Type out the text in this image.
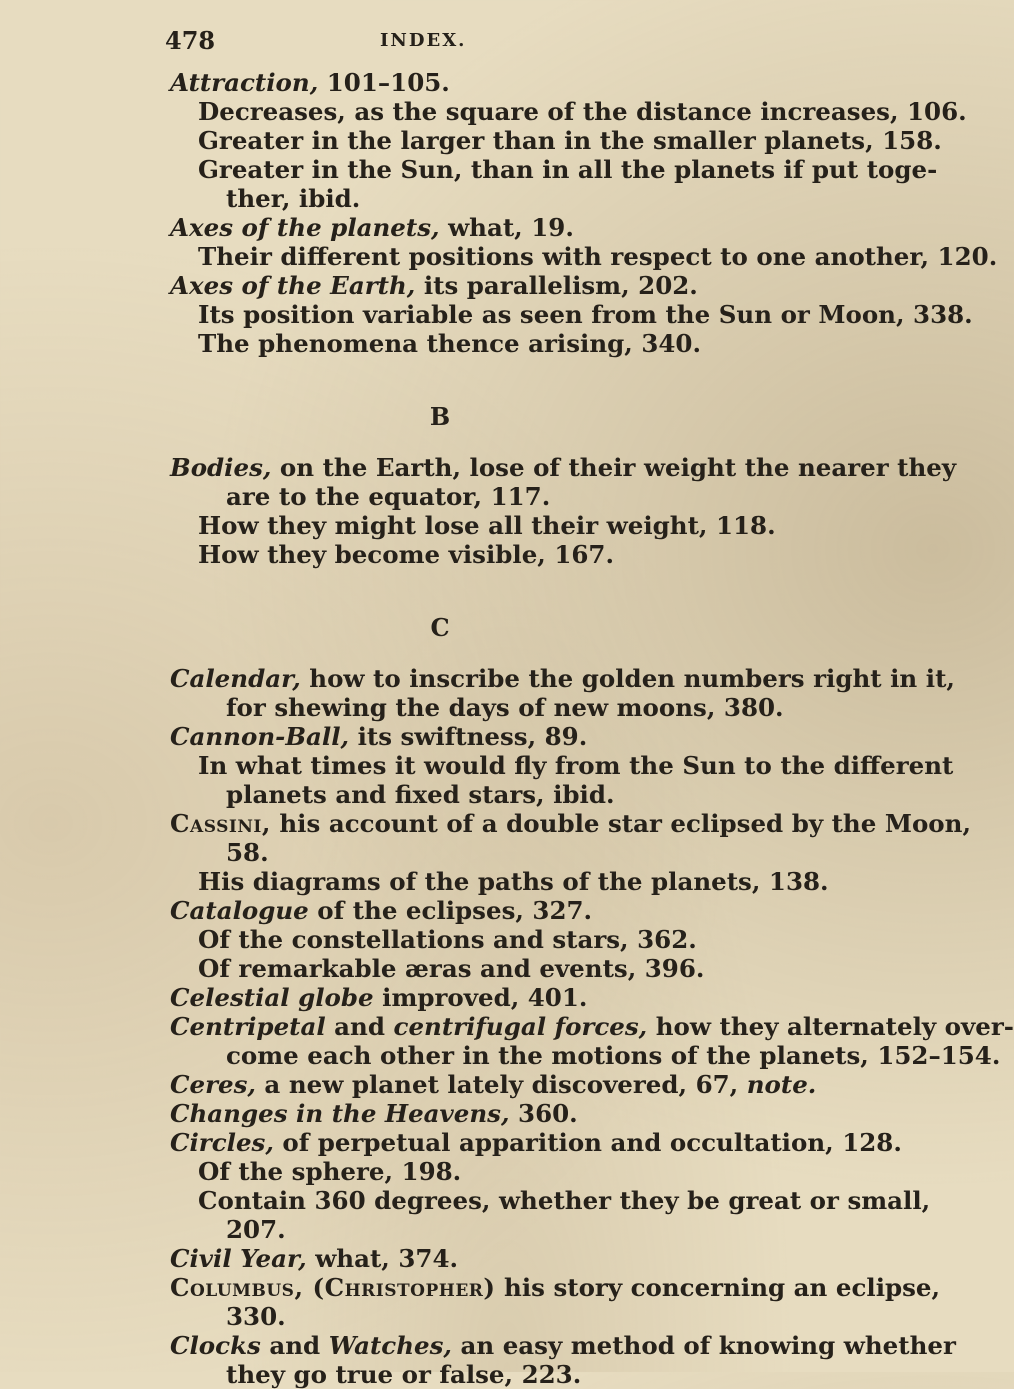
478	INDEX.
Attraction, 101–105.
Decreases, as the square of the distance increases, 106.
Greater in the larger than in the smaller planets, 158.
Greater in the Sun, than in all the planets if put toge-
ther, ibid.
Axes of the planets, what, 19.
Their different positions with respect to one another, 120.
Axes of the Earth, its parallelism, 202.
Its position variable as seen from the Sun or Moon, 338.
The phenomena thence arising, 340.
B
Bodies, on the Earth, lose of their weight the nearer they
are to the equator, 117.
How they might lose all their weight, 118.
How they become visible, 167.
C
Calendar, how to inscribe the golden numbers right in it,
for shewing the days of new moons, 380.
Cannon-Ball, its swiftness, 89.
In what times it would fly from the Sun to the different
planets and fixed stars, ibid.
Cassini, his account of a double star eclipsed by the Moon,
58.
His diagrams of the paths of the planets, 138.
Catalogue of the eclipses, 327.
Of the constellations and stars, 362.
Of remarkable æras and events, 396.
Celestial globe improved, 401.
Centripetal and centrifugal forces, how they alternately over-
come each other in the motions of the planets, 152–154.
Ceres, a new planet lately discovered, 67, note.
Changes in the Heavens, 360.
Circles, of perpetual apparition and occultation, 128.
Of the sphere, 198.
Contain 360 degrees, whether they be great or small,
207.
Civil Year, what, 374.
Columbus, (Christopher) his story concerning an eclipse,
330.
Clocks and Watches, an easy method of knowing whether
they go true or false, 223.
